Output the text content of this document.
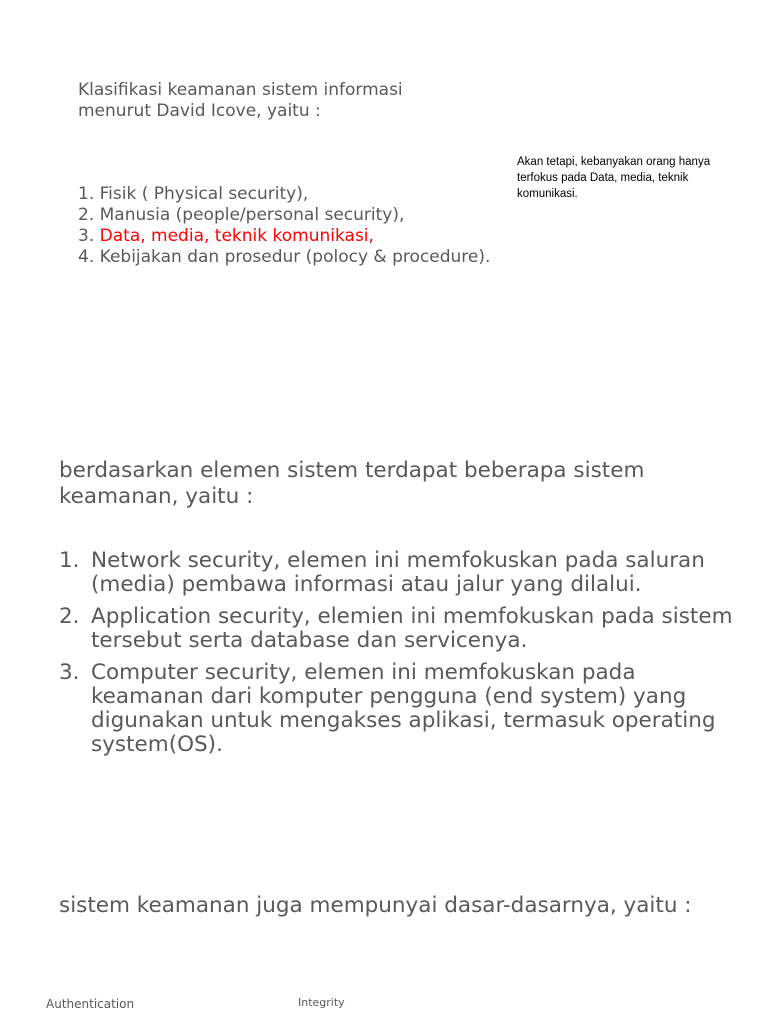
Klasifikasi keamanan sistem informasi menurut David Icove, yaitu :

Akan tetapi, kebanyakan orang hanya terfokus pada Data, media, teknik komunikasi.
1. Fisik ( Physical security),
2. Manusia (people/personal security),
3. Data, media, teknik komunikasi,
4. Kebijakan dan prosedur (polocy & procedure).

berdasarkan elemen sistem terdapat beberapa sistem keamanan, yaitu :

1. Network security, elemen ini memfokuskan pada saluran (media) pembawa informasi atau jalur yang dilalui.
2. Application security, elemien ini memfokuskan pada sistem tersebut serta database dan servicenya.
3. Computer security, elemen ini memfokuskan pada keamanan dari komputer pengguna (end system) yang digunakan untuk mengakses aplikasi, termasuk operating system(OS).

sistem keamanan juga mempunyai dasar-dasarnya, yaitu :

Authentication	Integrity
